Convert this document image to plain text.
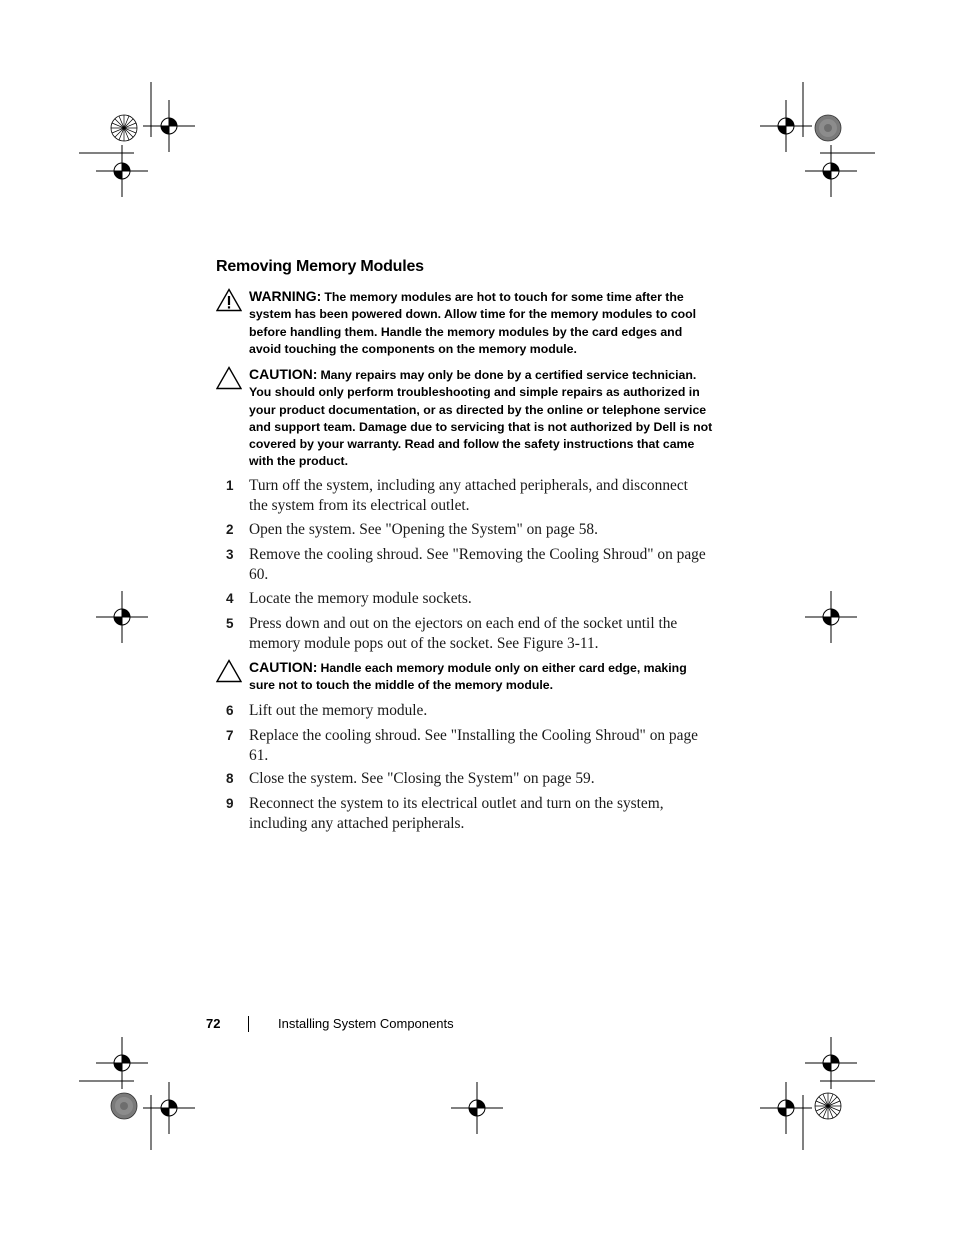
Removing Memory Modules
WARNING: The memory modules are hot to touch for some time after the system has been powered down. Allow time for the memory modules to cool before handling them. Handle the memory modules by the card edges and avoid touching the components on the memory module.
CAUTION: Many repairs may only be done by a certified service technician. You should only perform troubleshooting and simple repairs as authorized in your product documentation, or as directed by the online or telephone service and support team. Damage due to servicing that is not authorized by Dell is not covered by your warranty. Read and follow the safety instructions that came with the product.
1 Turn off the system, including any attached peripherals, and disconnect the system from its electrical outlet.
2 Open the system. See "Opening the System" on page 58.
3 Remove the cooling shroud. See "Removing the Cooling Shroud" on page 60.
4 Locate the memory module sockets.
5 Press down and out on the ejectors on each end of the socket until the memory module pops out of the socket. See Figure 3-11.
CAUTION: Handle each memory module only on either card edge, making sure not to touch the middle of the memory module.
6 Lift out the memory module.
7 Replace the cooling shroud. See "Installing the Cooling Shroud" on page 61.
8 Close the system. See "Closing the System" on page 59.
9 Reconnect the system to its electrical outlet and turn on the system, including any attached peripherals.
72	Installing System Components
